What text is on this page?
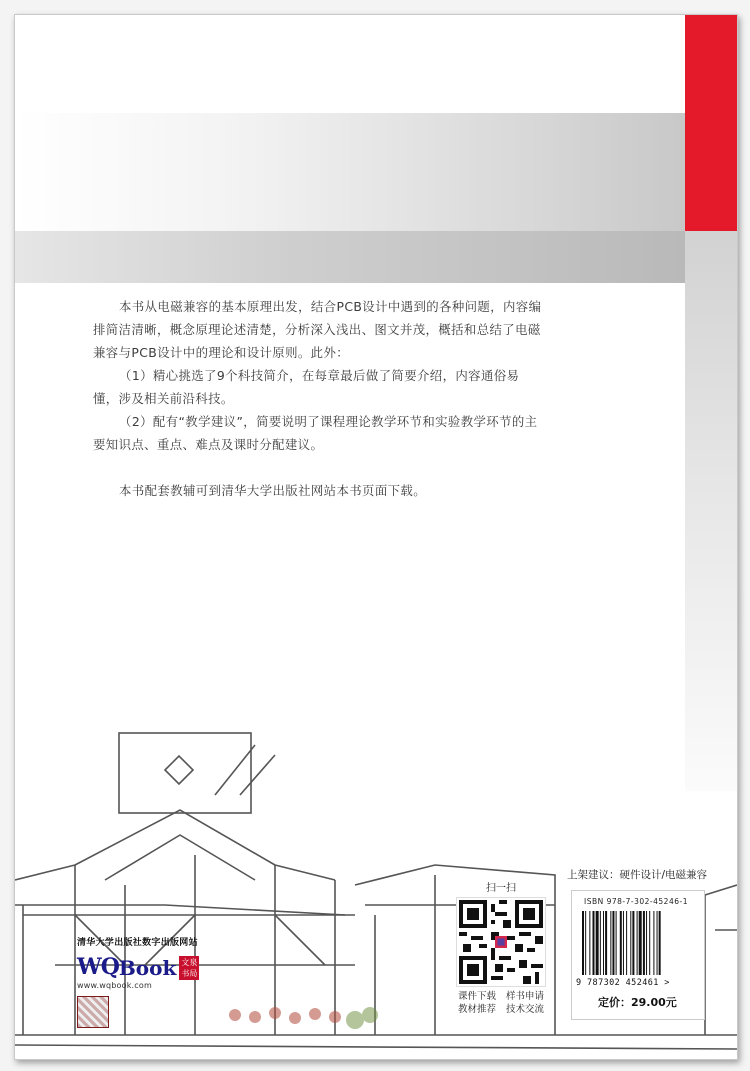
本书从电磁兼容的基本原理出发，结合PCB设计中遇到的各种问题，内容编排简洁清晰，概念原理论述清楚，分析深入浅出、图文并茂，概括和总结了电磁兼容与PCB设计中的理论和设计原则。此外：

（1）精心挑选了9个科技简介，在每章最后做了简要介绍，内容通俗易懂，涉及相关前沿科技。

（2）配有“教学建议”，简要说明了课程理论教学环节和实验教学环节的主要知识点、重点、难点及课时分配建议。

本书配套教辅可到清华大学出版社网站本书页面下载。

清华大学出版社数字出版网站
WQ Book 文泉
书局
www.wqbook.com
扫一扫
课件下载
教材推荐
样书申请
技术交流
上架建议：硬件设计/电磁兼容
ISBN 978-7-302-45246-1
9 787302 452461 >
定价：29.00元
